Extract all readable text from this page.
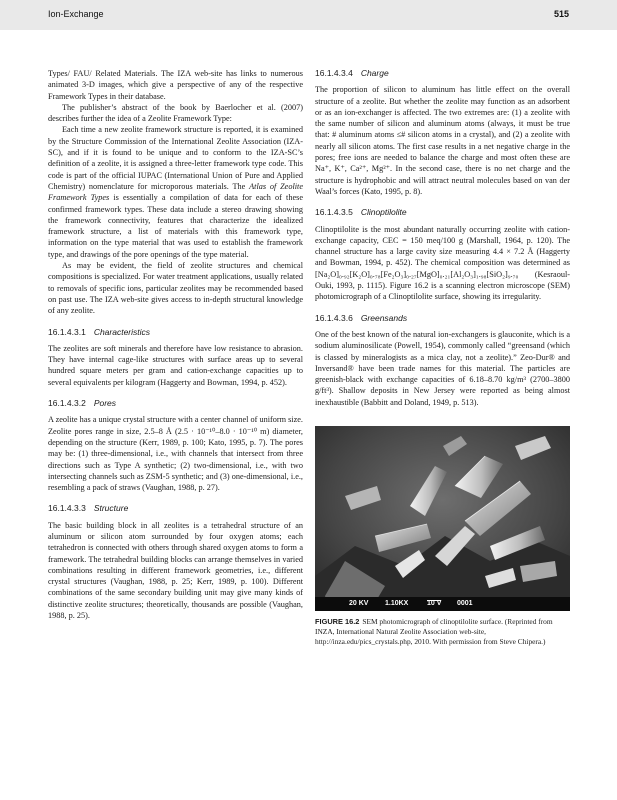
Ion-Exchange	515

Types/ FAU/ Related Materials. The IZA web-site has links to numerous animated 3-D images, which give a perspective of any of the respective Framework Types in their database.

The publisher’s abstract of the book by Baerlocher et al. (2007) describes further the idea of a Zeolite Framework Type:

Each time a new zeolite framework structure is reported, it is examined by the Structure Commission of the International Zeolite Association (IZA-SC), and if it is found to be unique and to conform to the IZA-SC’s definition of a zeolite, it is assigned a three-letter framework type code. This code is part of the official IUPAC (International Union of Pure and Applied Chemistry) nomenclature for microporous materials. The Atlas of Zeolite Framework Types is essentially a compilation of data for each of these confirmed framework types. These data include a stereo drawing showing the framework connectivity, features that characterize the idealized framework structure, a list of materials with this framework type, information on the type material that was used to establish the framework type, and drawings of the pore openings of the type material.

As may be evident, the field of zeolite structures and chemical compositions is specialized. For water treatment applications, usually related to removals of specific ions, particular zeolites may be recommended based on past use. The IZA web-site gives access to in-depth structural knowledge of any zeolite.

16.1.4.3.1 Characteristics

The zeolites are soft minerals and therefore have low resistance to abrasion. They have internal cage-like structures with surface areas up to several hundred square meters per gram and cation-exchange capacities up to several equivalents per kilogram (Haggerty and Bowman, 1994, p. 452).

16.1.4.3.2 Pores

A zeolite has a unique crystal structure with a center channel of uniform size. Zeolite pores range in size, 2.5–8 Å (2.5 · 10⁻¹⁰–8.0 · 10⁻¹⁰ m) diameter, depending on the structure (Kerr, 1989, p. 100; Kato, 1995, p. 7). The pores may be: (1) three-dimensional, i.e., with channels that intersect from three directions such as Type A synthetic; (2) two-dimensional, i.e., with two intersecting channels such as ZSM-5 synthetic; and (3) one-dimensional, i.e., resembling a pack of straws (Vaughan, 1988, p. 27).

16.1.4.3.3 Structure

The basic building block in all zeolites is a tetrahedral structure of an aluminum or silicon atom surrounded by four oxygen atoms; each tetrahedron is connected with others through shared oxygen atoms to form a framework. The tetrahedral building blocks can arrange themselves in varied combinations resulting in different framework geometries, i.e., different crystal structures (Vaughan, 1988, p. 25; Kerr, 1989, p. 100). Different combinations of the same secondary building unit may give many kinds of distinctive zeolite structures; theoretically, thousands are possible (Vaughan, 1988, p. 25).

16.1.4.3.4 Charge

The proportion of silicon to aluminum has little effect on the overall structure of a zeolite. But whether the zeolite may function as an adsorbent or as an ion-exchanger is affected. The two extremes are: (1) a zeolite with the same number of silicon and aluminum atoms (always, it must be true that: # aluminum atoms ≤# silicon atoms in a crystal), and (2) a zeolite with nearly all silicon atoms. The first case results in a net negative charge in the pores; free ions are needed to balance the charge and most often these are Na⁺, K⁺, Ca²⁺, Mg²⁺. In the second case, there is no net charge and the structure is hydrophobic and will attract neutral molecules based on van der Waal’s forces (Kato, 1995, p. 8).

16.1.4.3.5 Clinoptilolite

Clinoptilolite is the most abundant naturally occurring zeolite with cation-exchange capacity, CEC = 150 meq/100 g (Marshall, 1964, p. 120). The channel structure has a large cavity size measuring 4.4 × 7.2 Å (Haggerty and Bowman, 1994, p. 452). The chemical composition was determined as [Na₂O]₀.₉₂[K₂O]₀.₇₈[Fe₂O₃]₀.₂₇[MgO]₀.₂₁[Al₂O₃]₁.₉₈[SiO₂]₉.₇₀ (Kesraoul-Ouki, 1993, p. 1115). Figure 16.2 is a scanning electron microscope (SEM) photomicrograph of a Clinoptilolite surface, showing its irregularity.

16.1.4.3.6 Greensands

One of the best known of the natural ion-exchangers is glauconite, which is a sodium aluminosilicate (Powell, 1954), commonly called “greensand (which is classed by mineralogists as a mica clay, not a zeolite).” Zeo-Dur® and Inversand® have been trade names for this material. The particles are greenish-black with exchange capacities of 6.18–8.70 kg/m³ (2700–3800 g/ft³). Shallow deposits in New Jersey were reported as being almost inexhaustible (Babbitt and Doland, 1949, p. 513).

20 KV 1.10KX	10 V 0001

FIGURE 16.2 SEM photomicrograph of clinoptilolite surface. (Reprinted from INZA, International Natural Zeolite Association web-site, http://inza.edu/pics_crystals.php, 2010. With permission from Steve Chipera.)
